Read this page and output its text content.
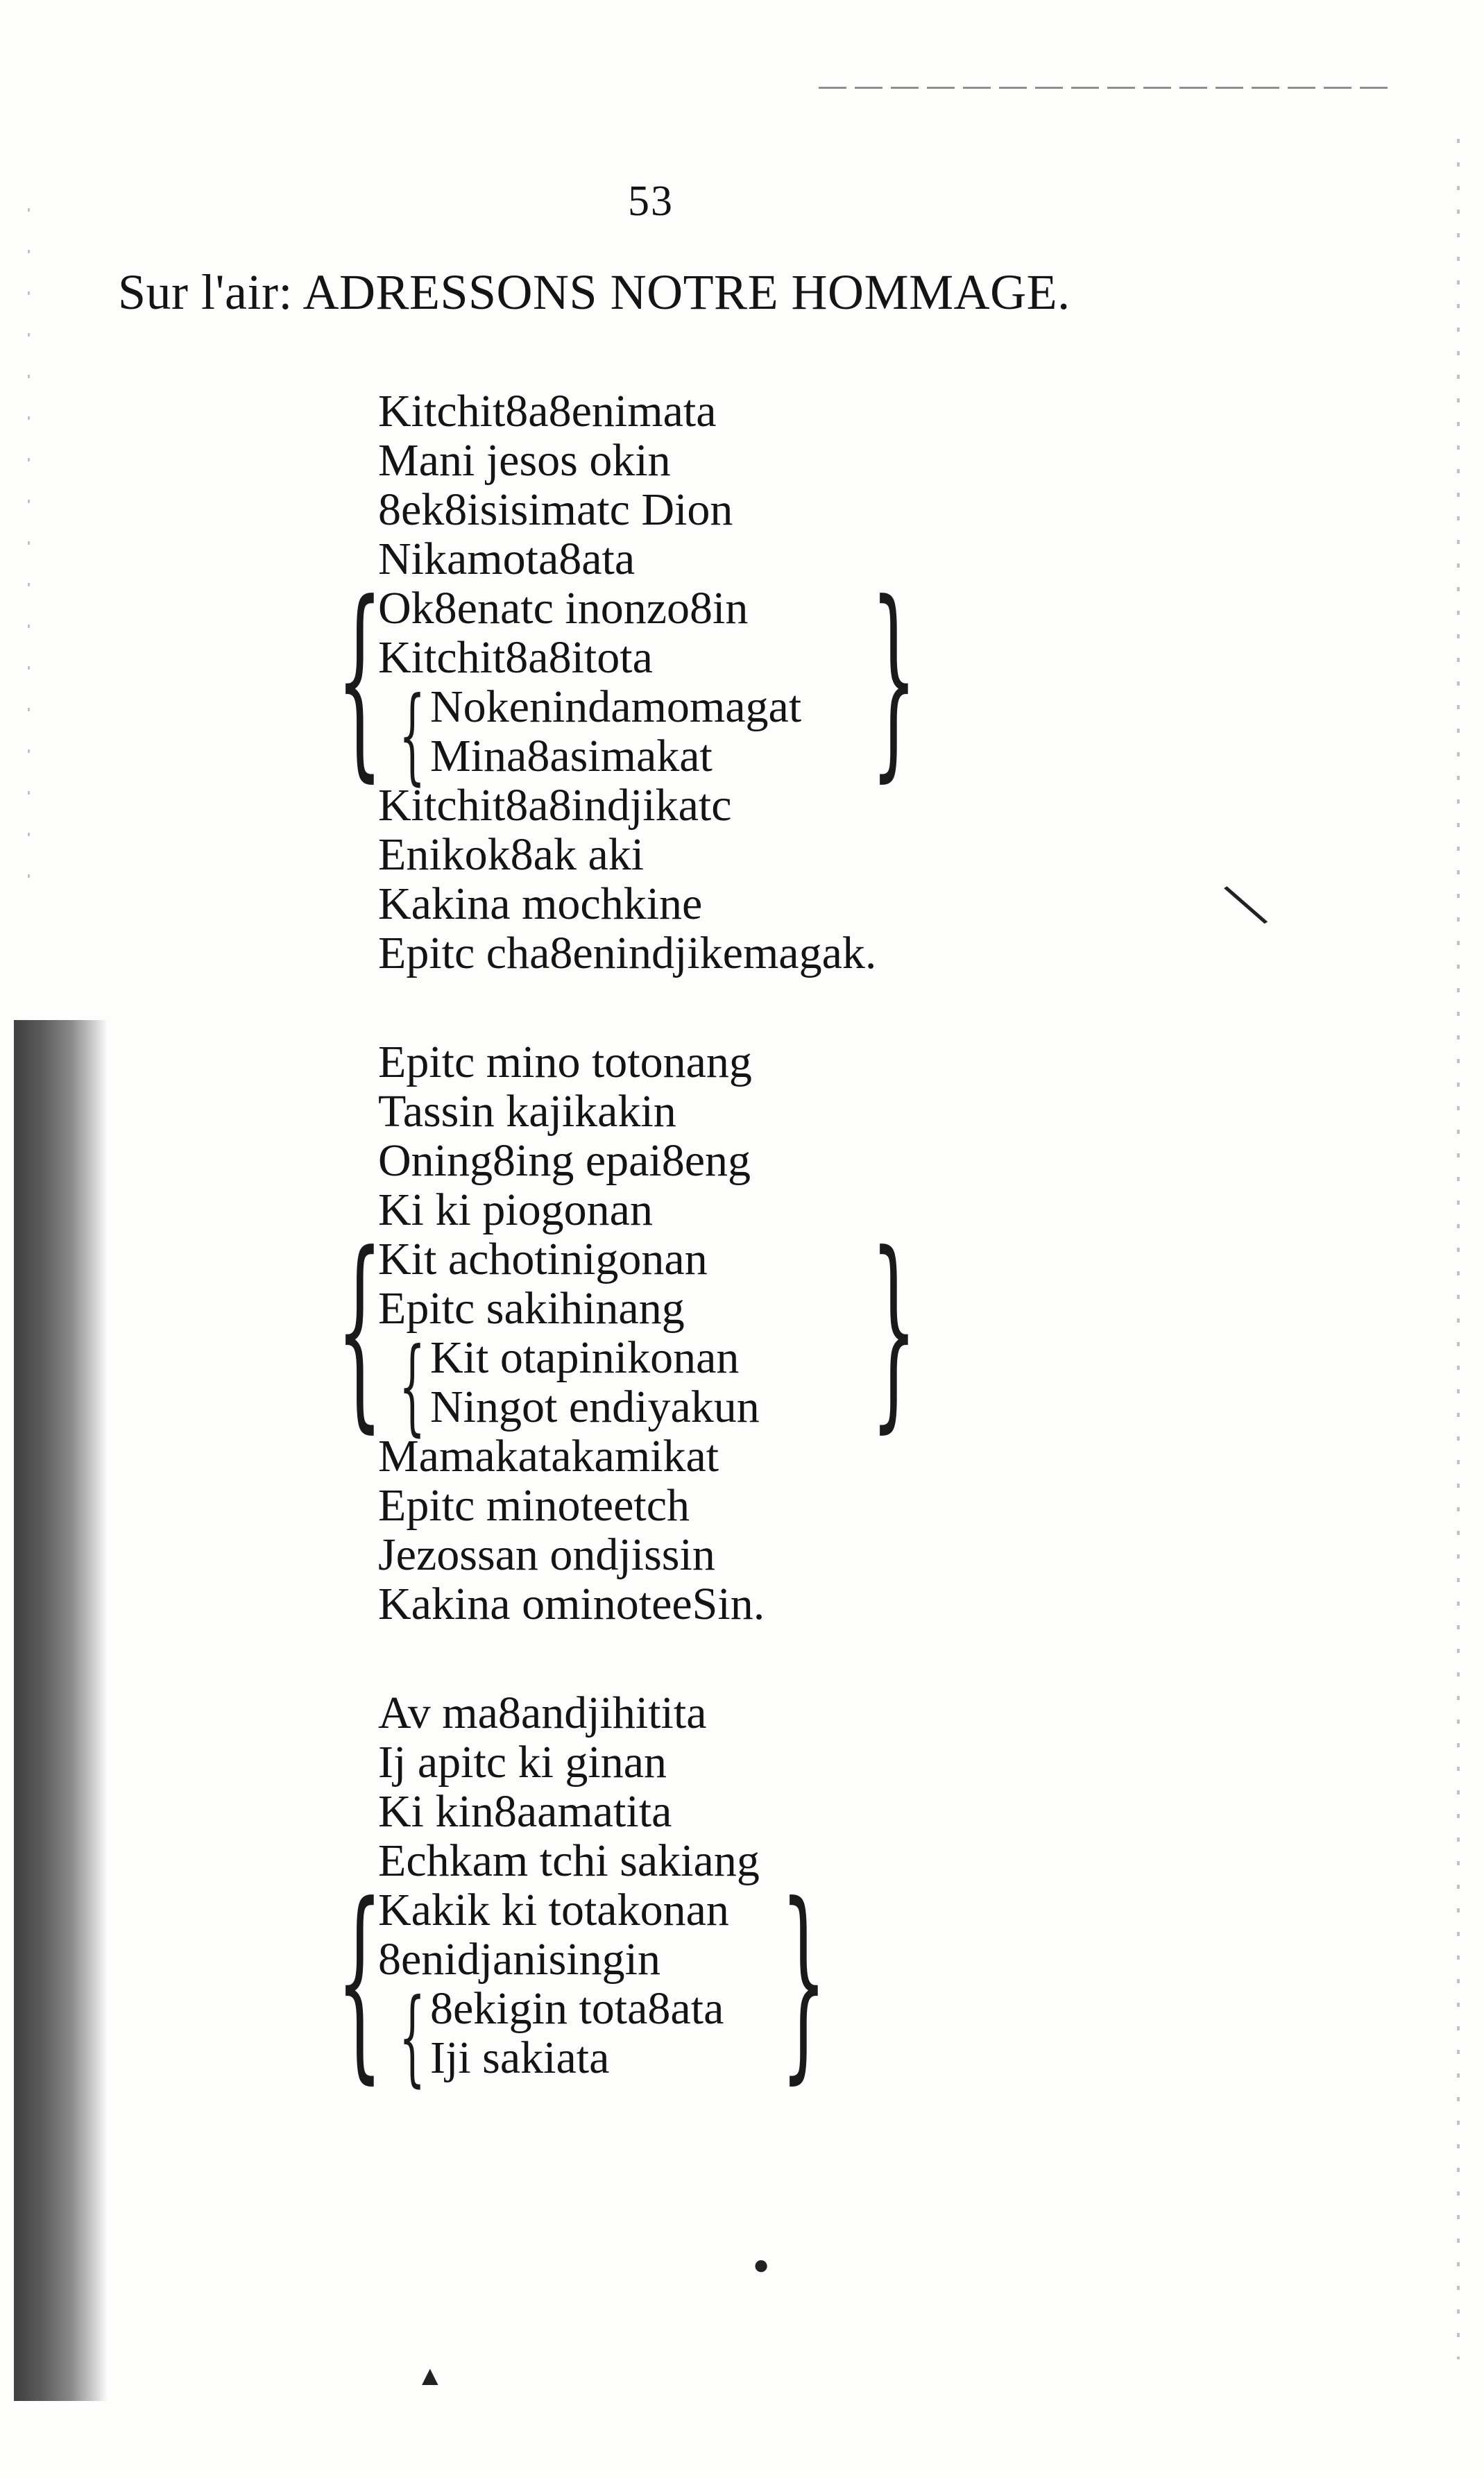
53
Sur l'air: ADRESSONS NOTRE HOMMAGE.
Kitchit8a8enimata
Mani jesos okin
8ek8isisimatc Dion
Nikamota8ata
Ok8enatc inonzo8in
Kitchit8a8itota
Nokenindamomagat
Mina8asimakat
Kitchit8a8indjikatc
Enikok8ak aki
Kakina mochkine
Epitc cha8enindjikemagak.
{ { }
Epitc mino totonang
Tassin kajikakin
Oning8ing epai8eng
Ki ki piogonan
Kit achotinigonan
Epitc sakihinang
Kit otapinikonan
Ningot endiyakun
Mamakatakamikat
Epitc minoteetch
Jezossan ondjissin
Kakina ominoteeSin.
{ { }
Av ma8andjihitita
Ij apitc ki ginan
Ki kin8aamatita
Echkam tchi sakiang
Kakik ki totakonan
8enidjanisingin
8ekigin tota8ata
Iji sakiata
{ { }
\
●
▲
